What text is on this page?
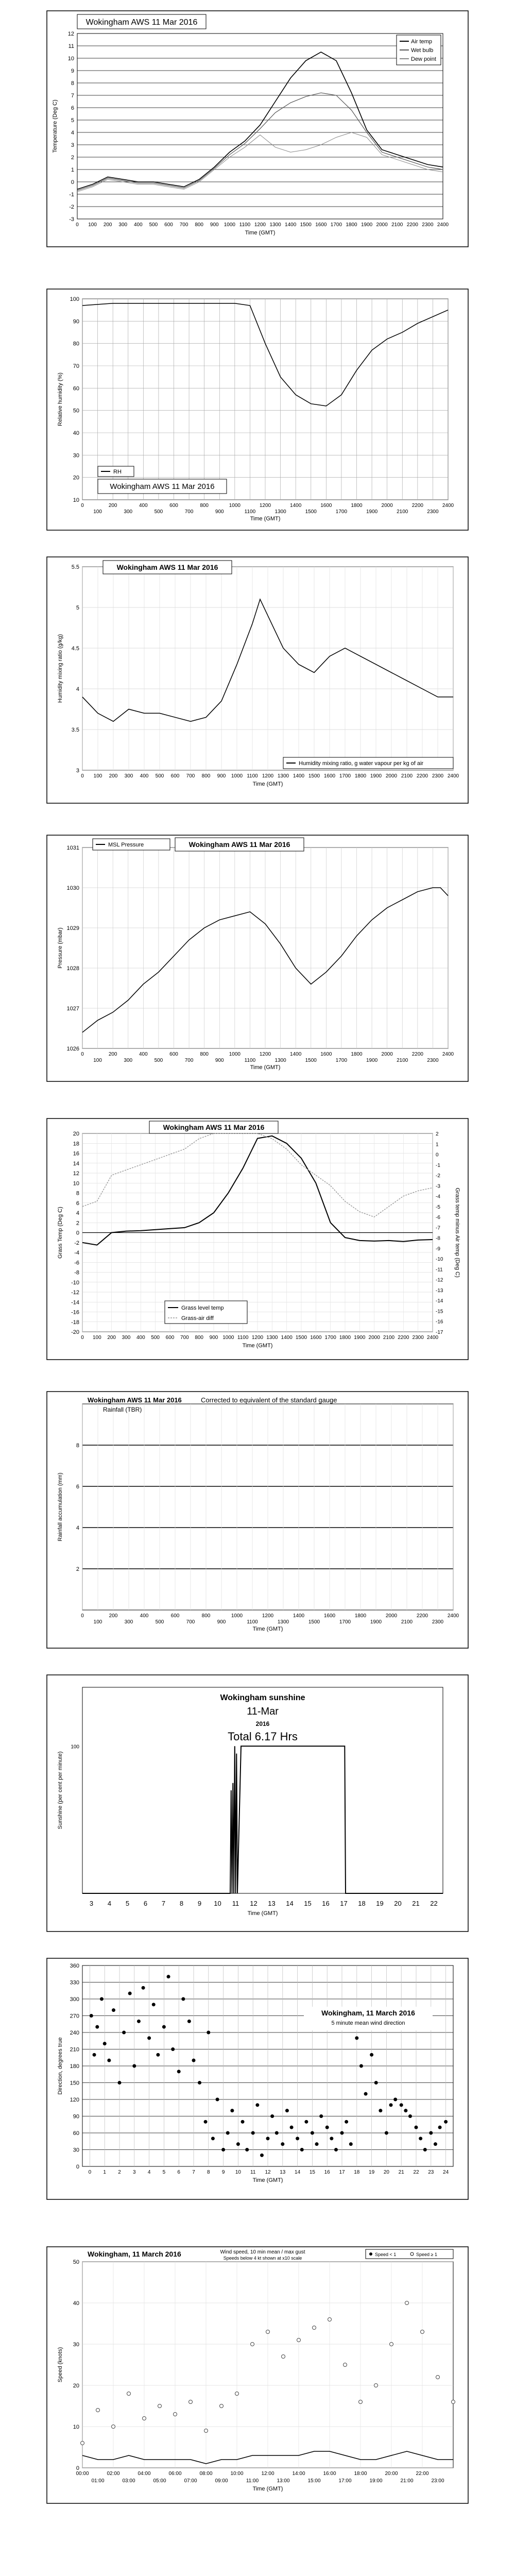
-3
-2
-1
0
1
2
3
4
5
6
7
8
9
10
11
12
0 100 200 300 400 500 600 700 800 900 1000 1100 1200 1300 1400 1500 1600 1700 1800 1900 2000 2100 2200 2300 2400
Time (GMT)
Temperature (Deg C)
Wokingham AWS 11 Mar 2016
Air temp
Wet bulb
Dew point
10
20
30
40
50
60
70
80
90
100
0
100
200
300
400
500
600
700
800
900
1000
1100
1200
1300
1400
1500
1600
1700
1800
1900
2000
2100
2200
2300
2400
Time (GMT)
Relative humidity (%)
RH
Wokingham AWS 11 Mar 2016
3
3.5
4
4.5
5
5.5
0 100 200 300 400 500 600 700 800 900 1000 1100 1200 1300 1400 1500 1600 1700 1800 1900 2000 2100 2200 2300 2400
Time (GMT)
Humidity mixing ratio (g/kg)
Wokingham AWS 11 Mar 2016
Humidity mixing ratio, g water vapour per kg of air
1026
1027
1028
1029
1030
1031
0
100
200
300
400
500
600
700
800
900
1000
1100
1200
1300
1400
1500
1600
1700
1800
1900
2000
2100
2200
2300
2400
Time (GMT)
Pressure (mbar)
MSL Pressure	Wokingham AWS 11 Mar 2016
20
18
16
14
12
10
8
6
4
2
0
-2
-4
-6
-8
-10
-12
-14
-16
-18
-20
0 100 200 300 400 500 600 700 800 900 1000 1100 1200 1300 1400 1500 1600 1700 1800 1900 2000 2100 2200 2300 2400
Time (GMT)
Grass Temp (Deg C)
2
1
0
-1
-2
-3
-4
-5
-6
-7
-8
-9
-10
-11
-12
-13
-14
-15
-16
-17
Grass temp minus Air temp (Deg C)
Wokingham AWS 11 Mar 2016
Grass level temp
Grass-air diff
2
4
6
8
0
100
200
300
400
500
600
700
800
900
1000
1100
1200
1300
1400
1500
1600
1700
1800
1900
2000
2100
2200
2300
2400
Time (GMT)
Rainfall accumulation (mm)
Wokingham AWS 11 Mar 2016	Corrected to equivalent of the standard gauge
Rainfall (TBR)
3 4 5 6 7 8 9 10 11 12 13 14 15 16 17 18 19 20 21 22
Time (GMT)
100
Sunshine (per cent per minute)
Wokingham sunshine
11-Mar
2016
Total 6.17 Hrs
0
30
60
90
120
150
180
210
240
270
300
330
360
0 1 2 3 4 5 6 7 8 9 10 11 12 13 14 15 16 17 18 19 20 21 22 23 24
Time (GMT)
Direction, degrees true
Wokingham, 11 March 2016
5 minute mean wind direction
0
10
20
30
40
50
00:00	02:00	04:00	06:00	08:00	10:00	12:00	14:00	16:00	18:00	20:00	22:00
01:00	03:00	05:00	07:00	09:00	11:00	13:00	15:00	17:00	19:00	21:00	23:00
Time (GMT)
Speed (knots)
Wokingham, 11 March 2016	Wind speed, 10 min mean / max gust
Speeds below 4 kt shown at x10 scale
Speed < 1	Speed ≥ 1
